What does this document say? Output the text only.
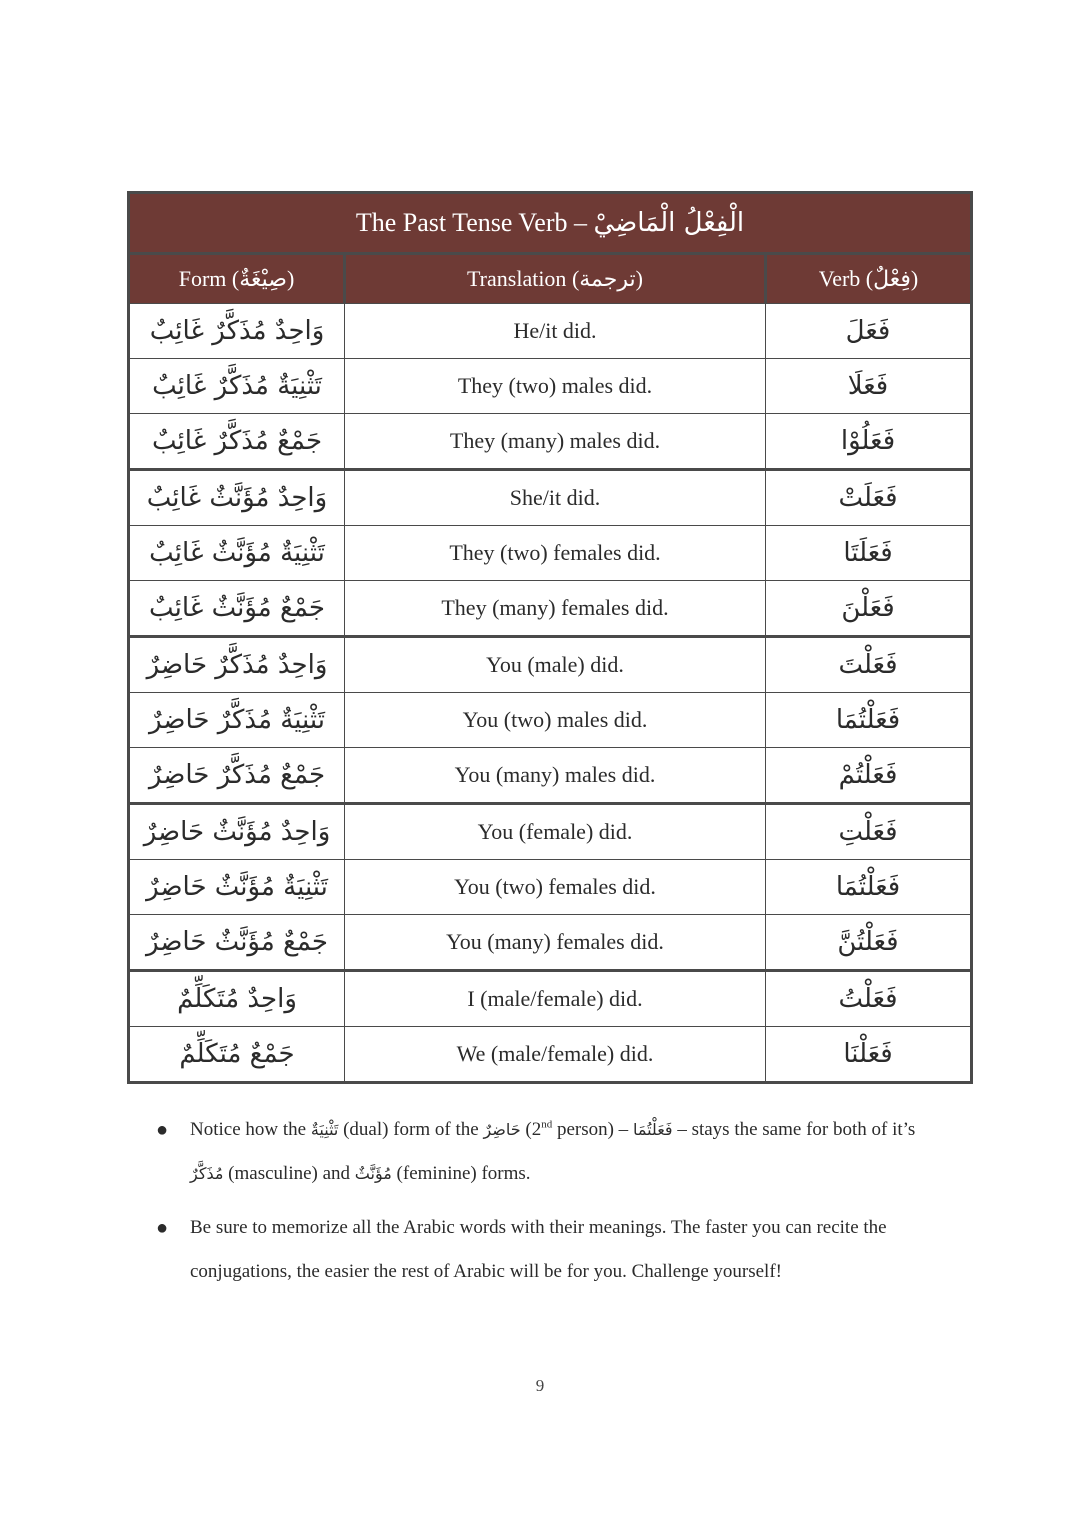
The Past Tense Verb – الْفِعْلُ الْمَاضِيْ		
Form (صِيْغَةٌ)	Translation (ترجمة)	Verb (فِعْلٌ)
وَاحِدٌ مُذَكَّرٌ غَائِبٌ	He/it did.	فَعَلَ
تَثْنِيَةٌ مُذَكَّرٌ غَائِبٌ	They (two) males did.	فَعَلَا
جَمْعٌ مُذَكَّرٌ غَائِبٌ	They (many) males did.	فَعَلُوْا
وَاحِدٌ مُؤَنَّثٌ غَائِبٌ	She/it did.	فَعَلَتْ
تَثْنِيَةٌ مُؤَنَّثٌ غَائِبٌ	They (two) females did.	فَعَلَتَا
جَمْعٌ مُؤَنَّثٌ غَائِبٌ	They (many) females did.	فَعَلْنَ
وَاحِدٌ مُذَكَّرٌ حَاضِرٌ	You (male) did.	فَعَلْتَ
تَثْنِيَةٌ مُذَكَّرٌ حَاضِرٌ	You (two) males did.	فَعَلْتُمَا
جَمْعٌ مُذَكَّرٌ حَاضِرٌ	You (many) males did.	فَعَلْتُمْ
وَاحِدٌ مُؤَنَّثٌ حَاضِرٌ	You (female) did.	فَعَلْتِ
تَثْنِيَةٌ مُؤَنَّثٌ حَاضِرٌ	You (two) females did.	فَعَلْتُمَا
جَمْعٌ مُؤَنَّثٌ حَاضِرٌ	You (many) females did.	فَعَلْتُنَّ
وَاحِدٌ مُتَكَلِّمٌ	I (male/female) did.	فَعَلْتُ
جَمْعٌ مُتَكَلِّمٌ	We (male/female) did.	فَعَلْنَا
● Notice how the تَثْنِيَةٌ (dual) form of the حَاضِرٌ (2nd person) – فَعَلْتُمَا – stays the same for both of it’s مُذَكَّرٌ (masculine) and مُؤَنَّثٌ (feminine) forms.
● Be sure to memorize all the Arabic words with their meanings. The faster you can recite the conjugations, the easier the rest of Arabic will be for you. Challenge yourself!
9
